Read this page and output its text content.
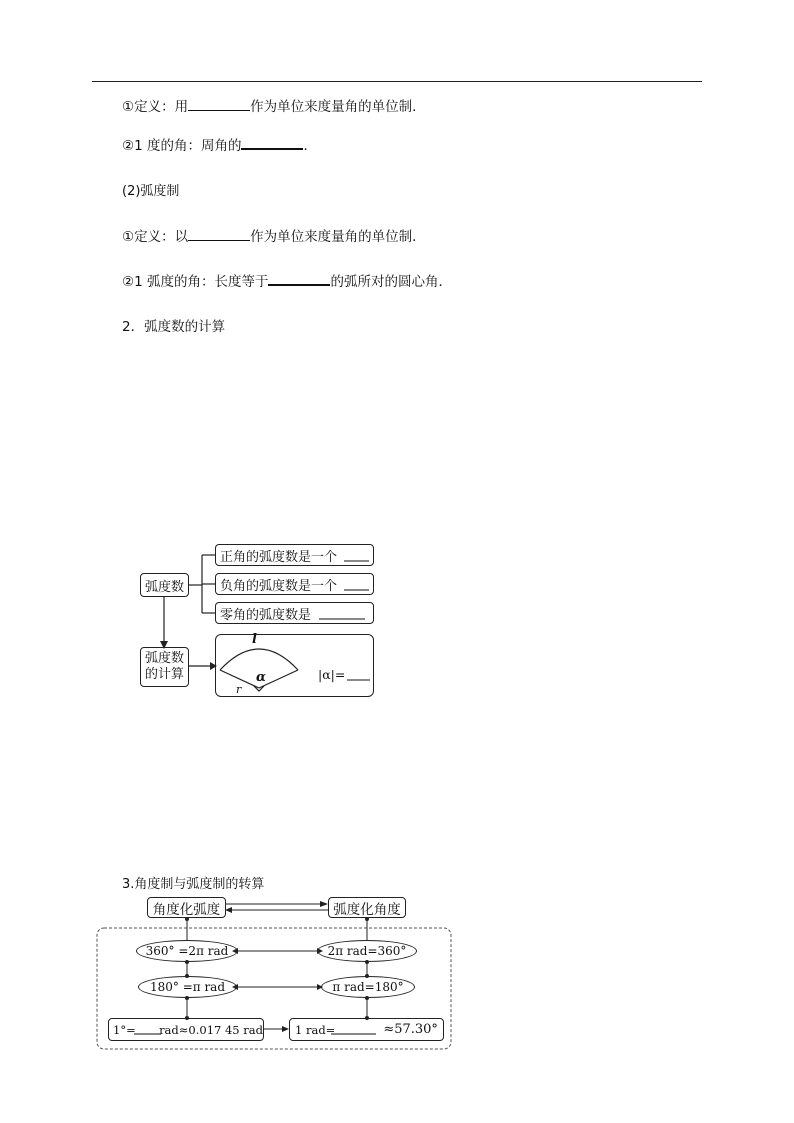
①定义：用	作为单位来度量角的单位制．
②1 度的角：周角的	．
(2)弧度制
①定义：以	作为单位来度量角的单位制．
②1 弧度的角：长度等于	的弧所对的圆心角．
2．弧度数的计算
弧度数
正角的弧度数是一个
负角的弧度数是一个
零角的弧度数是
弧度数
的计算
l
r
α	|α|=
3.角度制与弧度制的转算
角度化弧度	弧度化角度
360° =2π rad	2π rad=360°
180° =π rad	π rad=180°
1°= rad≈0.017 45 rad	1 rad=	≈57.30°
